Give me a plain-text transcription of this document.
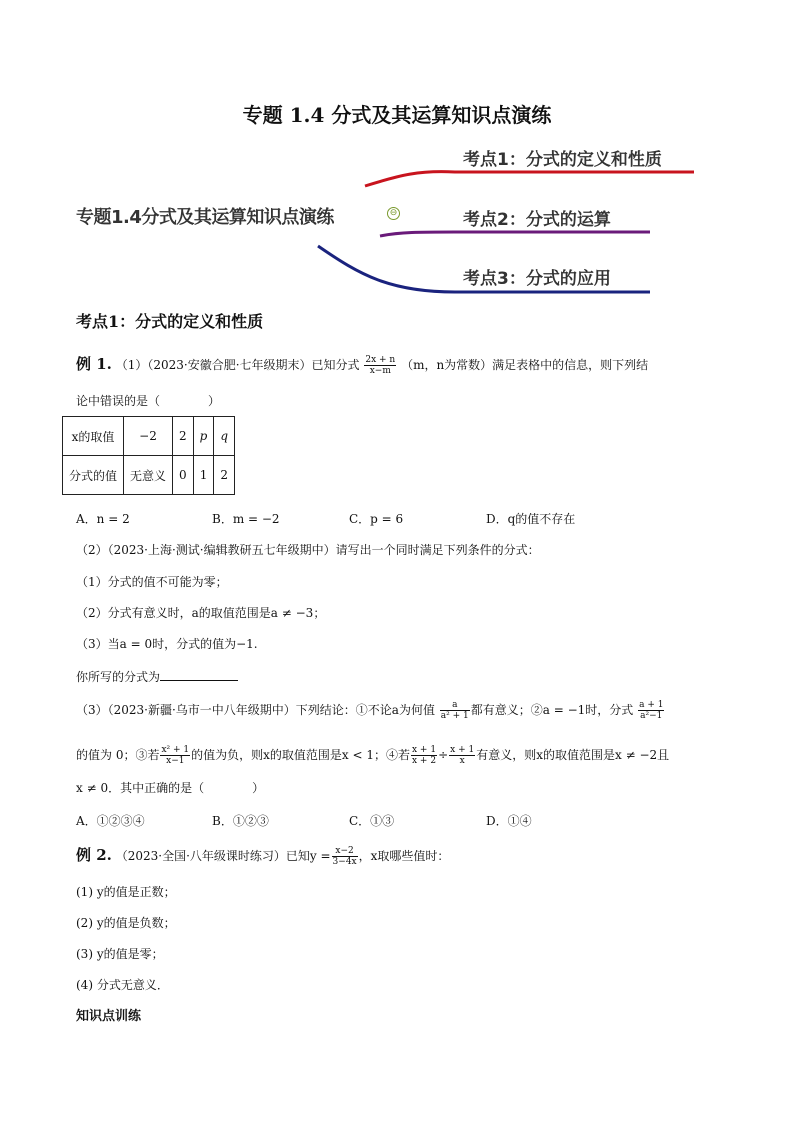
专题 1.4 分式及其运算知识点演练
专题1.4分式及其运算知识点演练	⊖
考点1：分式的定义和性质
考点2：分式的运算
考点3：分式的应用
考点1：分式的定义和性质
例 1. （1）（2023·安徽合肥·七年级期末）已知分式 $\frac{2x + n}{x-m} (m$，n为常数）满足表格中的信息，则下列结
论中错误的是（　　　　）
x的取值	−2	2	p	q
分式的值	无意义	0	1	2
A．n = 2	B．m = −2	C．p = 6	D．q的值不存在
（2）（2023·上海·测试·编辑教研五七年级期中）请写出一个同时满足下列条件的分式：
（1）分式的值不可能为零；
（2）分式有意义时，a的取值范围是a ≠ −3；
（3）当a = 0时，分式的值为−1.
你所写的分式为
（3）（2023·新疆·乌市一中八年级期中）下列结论：①不论a为何值 $\frac{a}{\text{a² + 1}}$ 都有意义；②a = −1时，分式 $\frac{a + 1}{\text{a²−1}}$
的值为 0；③若 $\frac{\text{x² + 1}}{x-1}$ 的值为负，则x的取值范围是x < 1；④若 $\frac{x + 1}{x + 2} \div \frac{x + 1}{x}$ 有意义，则x的取值范围是x ≠ −2且
x ≠ 0．其中正确的是（　　　　）
A．①②③④	B．①②③	C．①③	D．①④
例 2. （2023·全国·八年级课时练习）已知$y = \frac{x-2}{3-4x}$ ，x取哪些值时：
(1) y的值是正数；
(2) y的值是负数；
(3) y的值是零；
(4) 分式无意义．
知识点训练
